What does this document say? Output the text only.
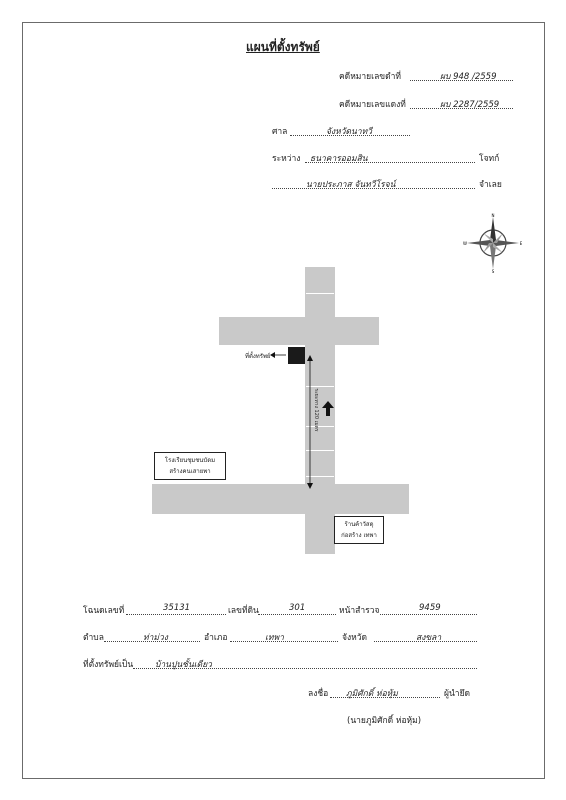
แผนที่ตั้งทรัพย์
คดีหมายเลขดำที่	ผบ 948 /2559
คดีหมายเลขแดงที่	ผบ 2287/2559
ศาล	จังหวัดนาทวี
ระหว่าง ธนาคารออมสิน	โจทก์
นายประภาส จันทวีโรจน์	จำเลย
N
S
E
W
ระยะทาง 120 เมตร
ที่ตั้งทรัพย์
โรงเรียนชุมชนบัดม
สร้างคนเสายพา
ร้านค้าวัสดุ
ก่อสร้าง เทพา
โฉนดเลขที่	35131	เลขที่ดิน	301	หน้าสำรวจ	9459
ตำบล	ท่าม่วง	อำเภอ	เทพา	จังหวัด	สงขลา
ที่ตั้งทรัพย์เป็น	บ้านปูนชั้นเดียว
ลงชื่อ ภูมิศักดิ์ ห่อหุ้ม	ผู้นำยึด
(นายภูมิศักดิ์ ห่อหุ้ม)
